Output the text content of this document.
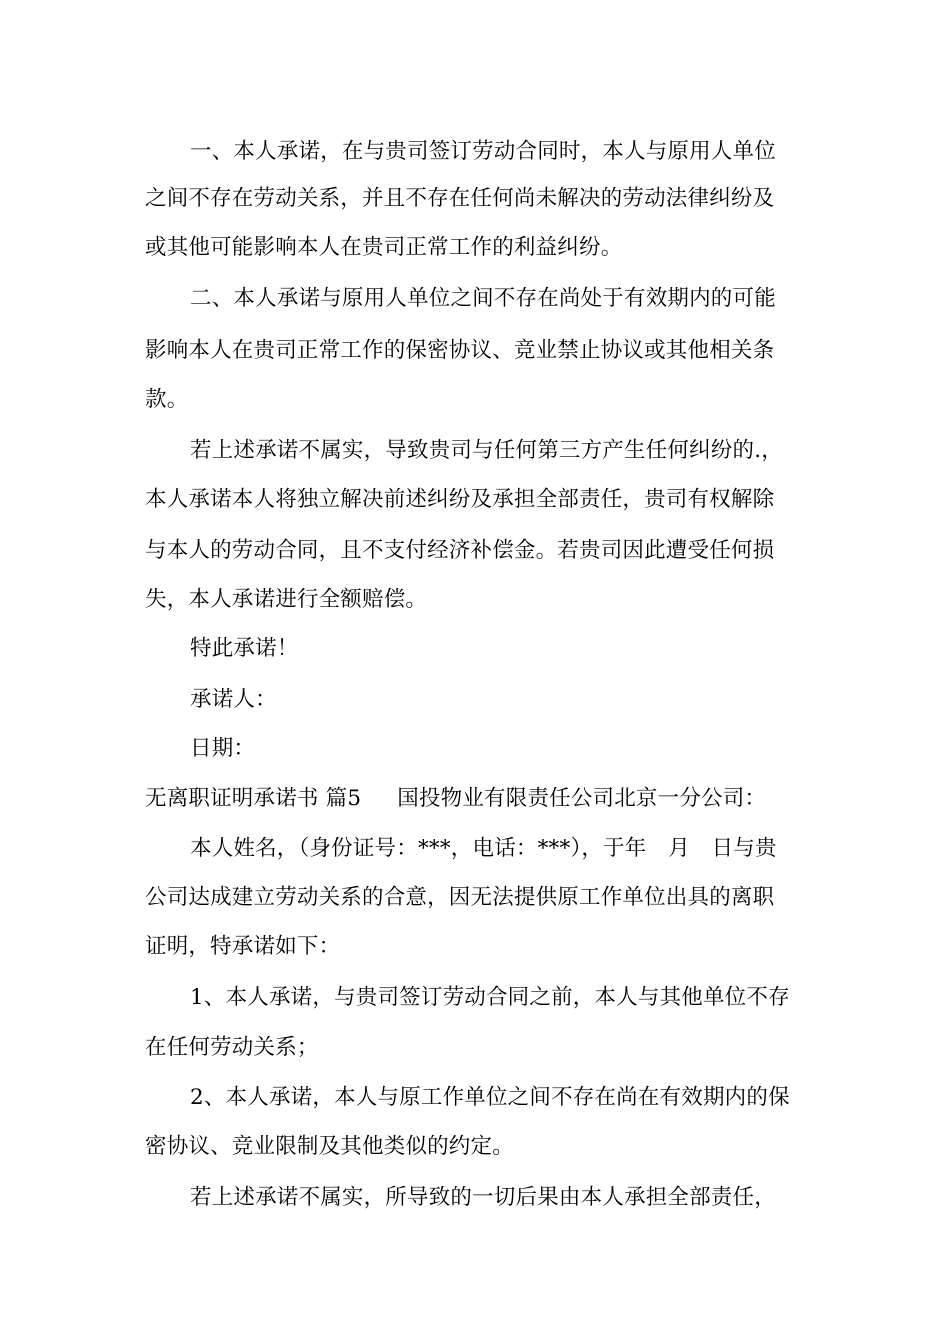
一、本人承诺，在与贵司签订劳动合同时，本人与原用人单位
之间不存在劳动关系，并且不存在任何尚未解决的劳动法律纠纷及
或其他可能影响本人在贵司正常工作的利益纠纷。
二、本人承诺与原用人单位之间不存在尚处于有效期内的可能
影响本人在贵司正常工作的保密协议、竞业禁止协议或其他相关条
款。
若上述承诺不属实，导致贵司与任何第三方产生任何纠纷的.，
本人承诺本人将独立解决前述纠纷及承担全部责任，贵司有权解除
与本人的劳动合同，且不支付经济补偿金。若贵司因此遭受任何损
失，本人承诺进行全额赔偿。
特此承诺！
承诺人：
日期：
无离职证明承诺书 篇5 国投物业有限责任公司北京一分公司：
本人姓名，（身份证号：***，电话：***），于年　月　日与贵
公司达成建立劳动关系的合意，因无法提供原工作单位出具的离职
证明，特承诺如下：
1、本人承诺，与贵司签订劳动合同之前，本人与其他单位不存
在任何劳动关系；
2、本人承诺，本人与原工作单位之间不存在尚在有效期内的保
密协议、竞业限制及其他类似的约定。
若上述承诺不属实，所导致的一切后果由本人承担全部责任，
